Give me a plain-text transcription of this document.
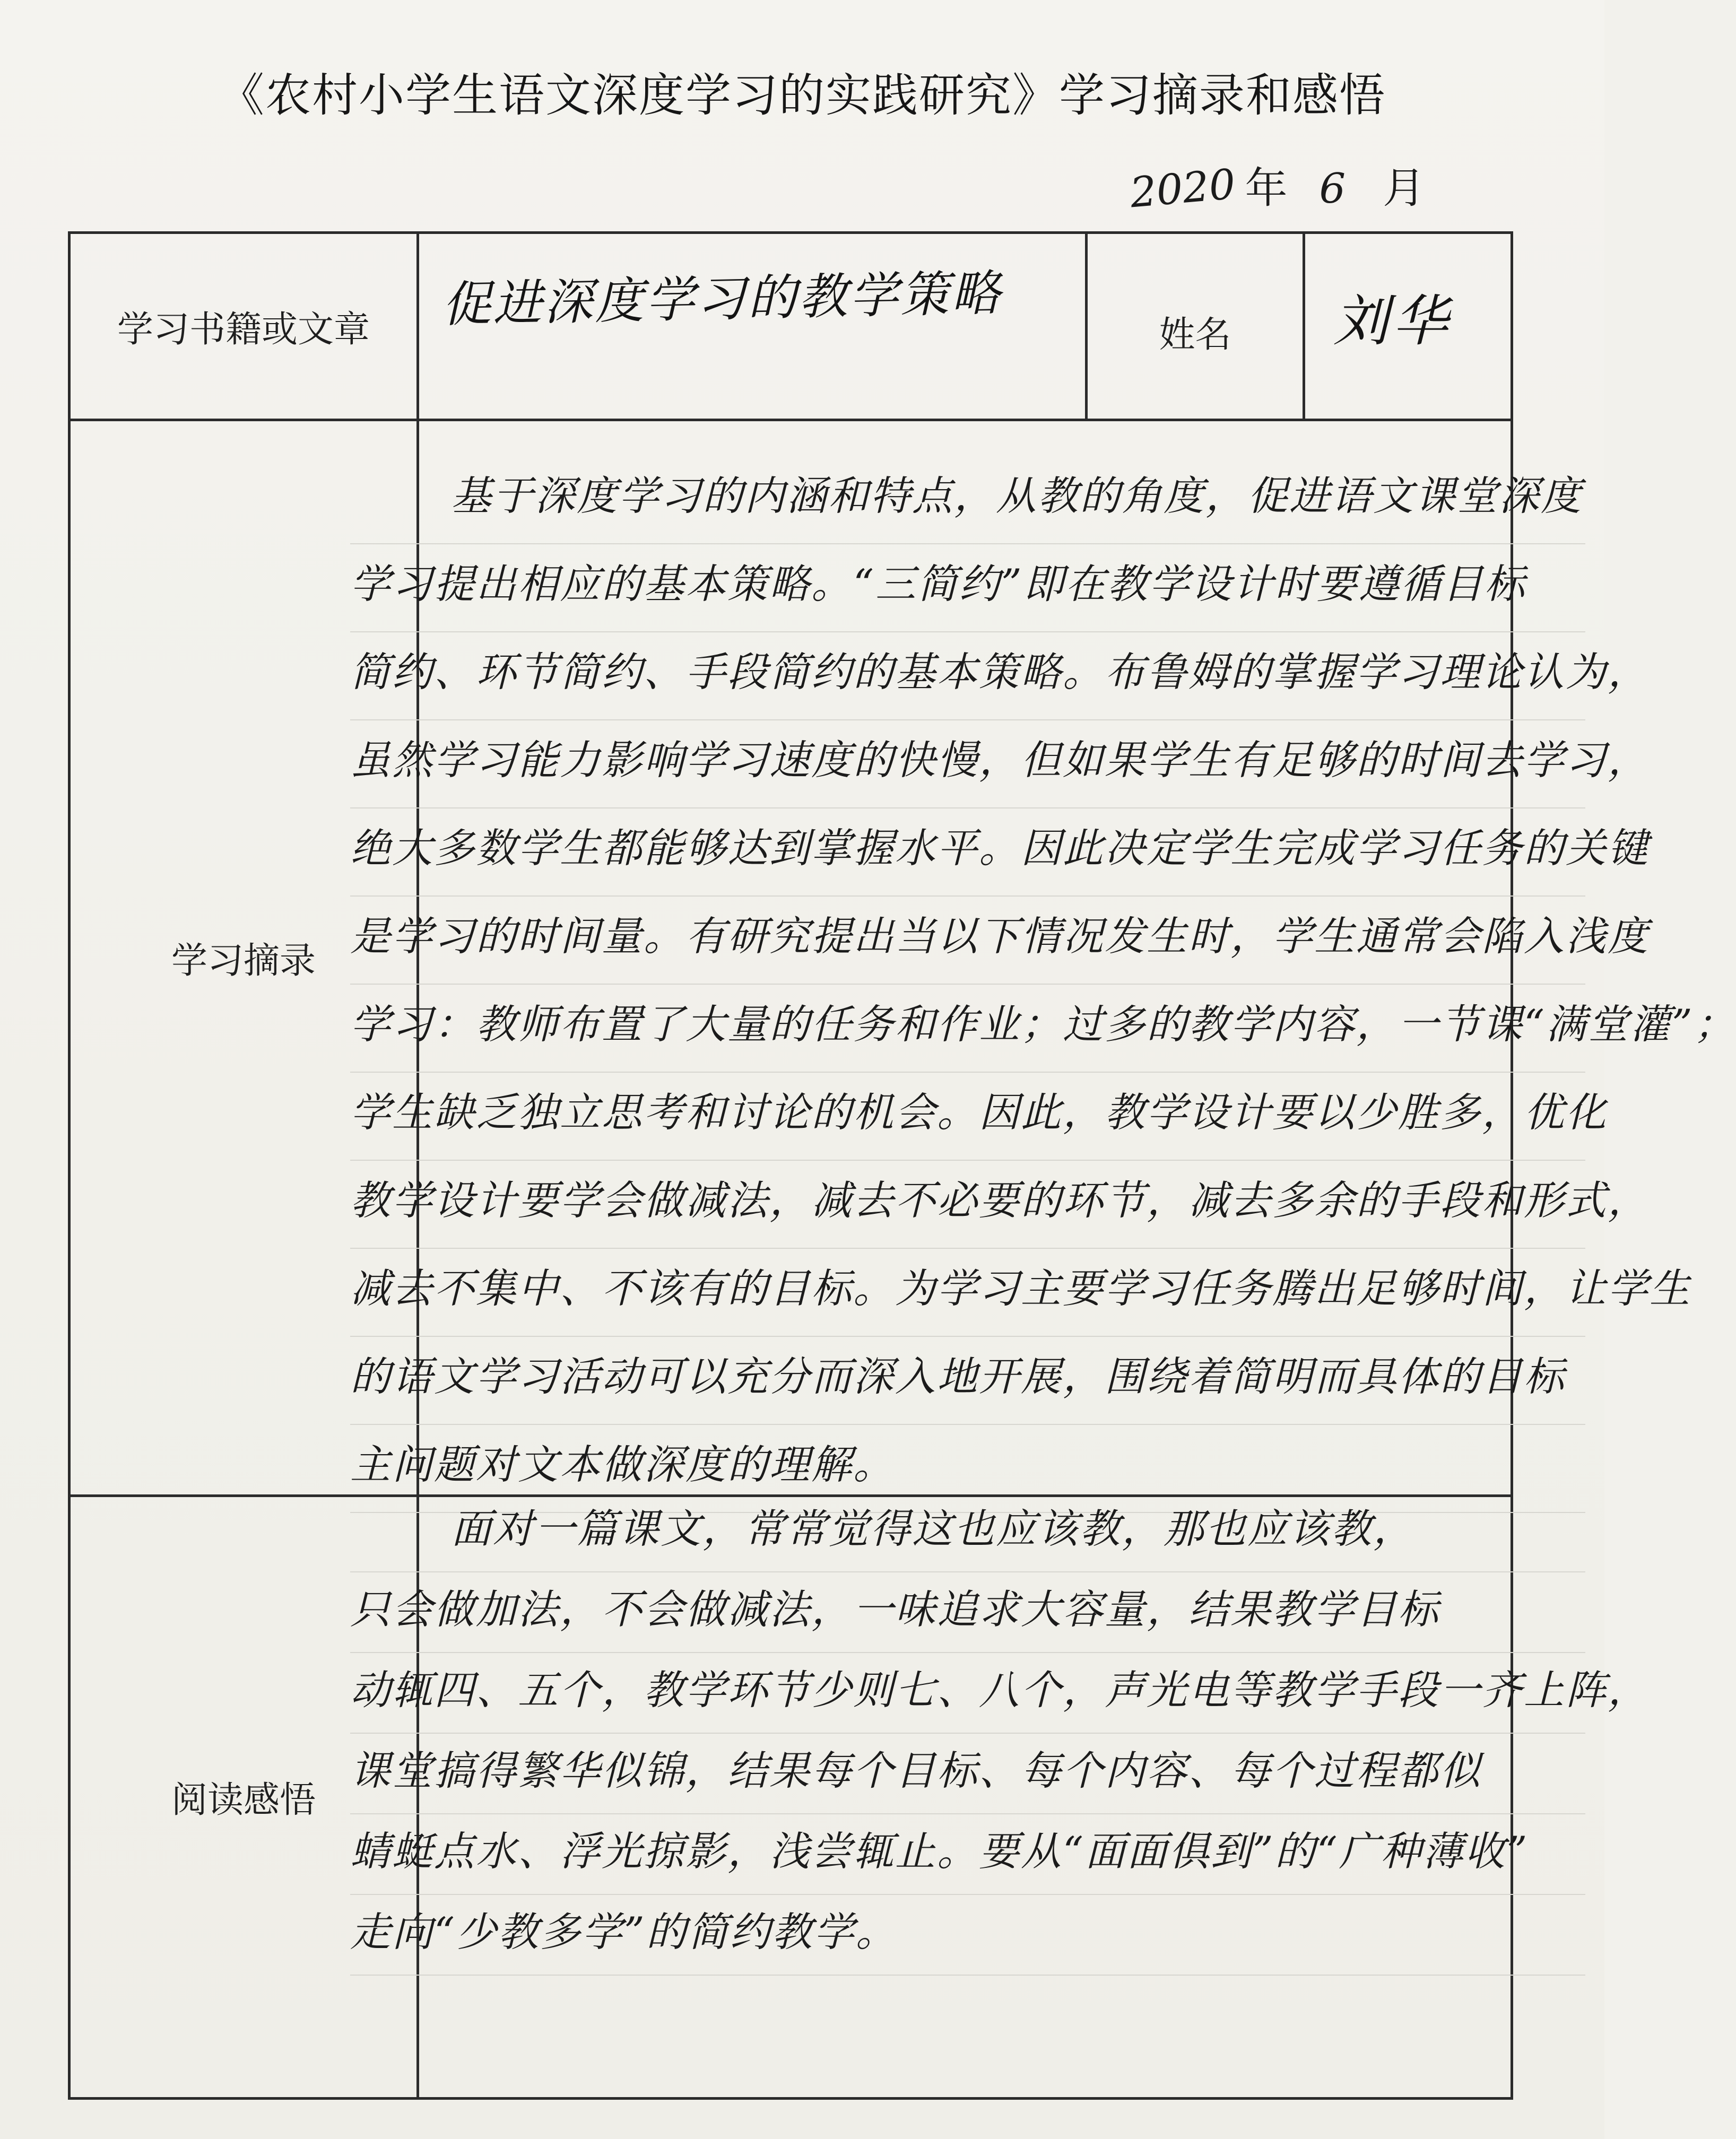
《农村小学生语文深度学习的实践研究》学习摘录和感悟
2020 年 6 月
学习书籍或文章	促进深度学习的教学策略
姓名	刘华
学习摘录
阅读感悟
基于深度学习的内涵和特点，从教的角度，促进语文课堂深度
学习提出相应的基本策略。“三简约”即在教学设计时要遵循目标
简约、环节简约、手段简约的基本策略。布鲁姆的掌握学习理论认为，
虽然学习能力影响学习速度的快慢，但如果学生有足够的时间去学习，
绝大多数学生都能够达到掌握水平。因此决定学生完成学习任务的关键
是学习的时间量。有研究提出当以下情况发生时，学生通常会陷入浅度
学习：教师布置了大量的任务和作业；过多的教学内容，一节课“满堂灌”；
学生缺乏独立思考和讨论的机会。因此，教学设计要以少胜多，优化
教学设计要学会做减法，减去不必要的环节，减去多余的手段和形式，
减去不集中、不该有的目标。为学习主要学习任务腾出足够时间，让学生
的语文学习活动可以充分而深入地开展，围绕着简明而具体的目标
主问题对文本做深度的理解。
面对一篇课文，常常觉得这也应该教，那也应该教，
只会做加法，不会做减法，一味追求大容量，结果教学目标
动辄四、五个，教学环节少则七、八个，声光电等教学手段一齐上阵，
课堂搞得繁华似锦，结果每个目标、每个内容、每个过程都似
蜻蜓点水、浮光掠影，浅尝辄止。要从“面面俱到”的“广种薄收”
走向“少教多学”的简约教学。
